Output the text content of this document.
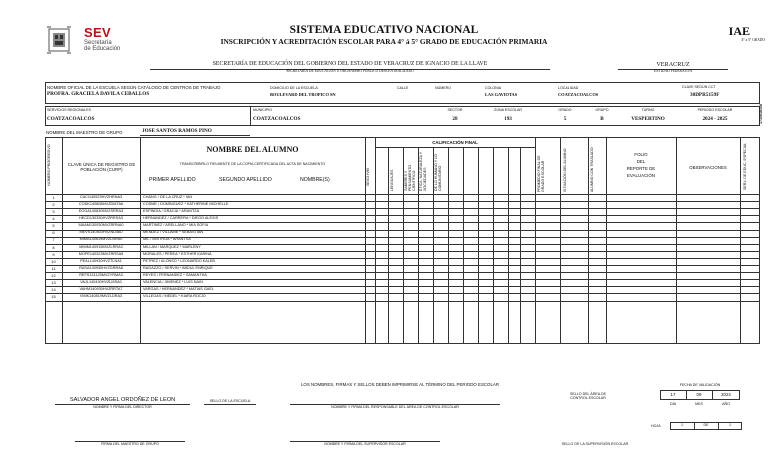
SEV
Secretaría
de Educación
SISTEMA EDUCATIVO NACIONAL
INSCRIPCIÓN Y ACREDITACIÓN ESCOLAR PARA 4° á 5° GRADO DE EDUCACIÓN PRIMARIA
IAE
4° a 5° GRADO
SECRETARÍA DE EDUCACIÓN DEL GOBIERNO DEL ESTADO DE VERACRUZ DE IGNACIO DE LA LLAVE
SECRETARÍA DE EDUCACIÓN U ORGANISMO PÚBLICO DESCENTRALIZADO
VERACRUZ
ENTIDAD FEDERATIVA
NOMBRE OFICIAL DE LA ESCUELA SEGÚN CATÁLOGO DE CENTROS DE TRABAJO
PROFRA. GRACIELA DAVILA CEBALLOS
DOMICILIO DE LA ESCUELA
BOULEVARD DEL TROPICO SN
CALLE	NÚMERO	COLONIA
LAS GAVIOTAS
LOCALIDAD
COATZACOALCOS
CLAVE SEGÚN CCT
30DPR5159F
SERVICIOS REGIONALES
COATZACOALCOS
MUNICIPIO
COATZACOALCOS
SECTOR
28
ZONA ESCOLAR
193
GRADO
5
GRUPO
B
TURNO
VESPERTINO
PERIODO ESCOLAR
2024 - 2025	1710918108
NOMBRE DEL MAESTRO DE GRUPO	JOSE SANTOS RAMOS PINO
NÚMERO PROGRESIVO	CLAVE ÚNICA DE REGISTRO DE POBLACIÓN (CURP)
NOMBRE DEL ALUMNO
TRANSCRIBIRLO FIELMENTE DE LA COPIA CERTIFICADA DEL ACTA DE NACIMIENTO
PRIMER APELLIDO	SEGUNDO APELLIDO	NOMBRE(S)	SEXO H/M
CALIFICACIÓN FINAL
LENGUAJES	SABERES Y PENSAMIENTO CIENTÍFICO ÉTICA, NATURALEZA Y SOCIEDADES DE LO HUMANO Y LO COMUNITARIO	PROMEDIO FINAL DE GRADO ESCOLAR	SITUACIÓN DEL ALUMNO	ALUMNO CON TRASLADO	FOLIO
DEL
REPORTE DE
EVALUACIÓN
OBSERVACIONES	SERV. DE EDUC. ESPECIAL
1	CACI140923HVZHRNA3	CHANG / DE LA CRUZ * IAN
2	CODK140808MVZDMTA6	COSME / DOMINGUEZ * KATHERINE MICHELLE
3	EOGA140830MVZSRRA3	ESPINDIA / GRACIA * ARANTZA
4	HECD130330HVZRRSA3	HERNANDEZ / CARRERA * DIEGO ALEXIS
5	MAAM130930MVZRRNA0	MARTINEZ / ARELLANO * MIA SOFIA
6	MEVS140403HVZNLBA0	MENDEZ / VILLAME * SEBASTIAN
7	MIMA140619MVZLNRA0	MIL / MISTRGA * ARANTXA
8	MIMM140915MVZLRRA3	MILLAN / MARQUEZ * MARLENY
9	MOPE140323MVZRRSA9	MORALES / PEREA * ESTHER KARINA
10	PEAL140930HVZTLNA1	PETREZ / ALONSO * LEONARDO KALEB
11	RASA140930HVZGRRA8	RAGAZZO / SERVIN * ABDUL ENRIQUE
12	REFS131125MVZYRMA3	REYES / FERNANDEZ * SAMANTHA
13	VAJL140430HVZLMSA0	VALENCIA / JIMENEZ * LUIS NAIN
14	VAHM140930HVZRRTA7	VARGAS / HERNANDEZ * MATIAS GAEL
15	VIMK140819MVZLDRA3	VILLEGAS / MEDEL * KIARA ROCIO
LOS NOMBRES, FIRMAS Y SELLOS DEBEN IMPRIMIRSE AL TÉRMINO DEL PERIODO ESCOLAR
SALVADOR ANGEL ORDOÑEZ DE LEON
NOMBRE Y FIRMA DEL DIRECTOR
SELLO DE LA ESCUELA
NOMBRE Y FIRMA DEL RESPONSABLE DEL ÁREA DE CONTROL ESCOLAR
SELLO DEL ÁREA DE CONTROL ESCOLAR
FECHA DE VALIDACIÓN
17	09	2024
DÍA	MES	AÑO
HOJA	1	DE	1
FIRMA DEL MAESTRO DE GRUPO	NOMBRE Y FIRMA DEL SUPERVISOR ESCOLAR	SELLO DE LA SUPERVISIÓN ESCOLAR
